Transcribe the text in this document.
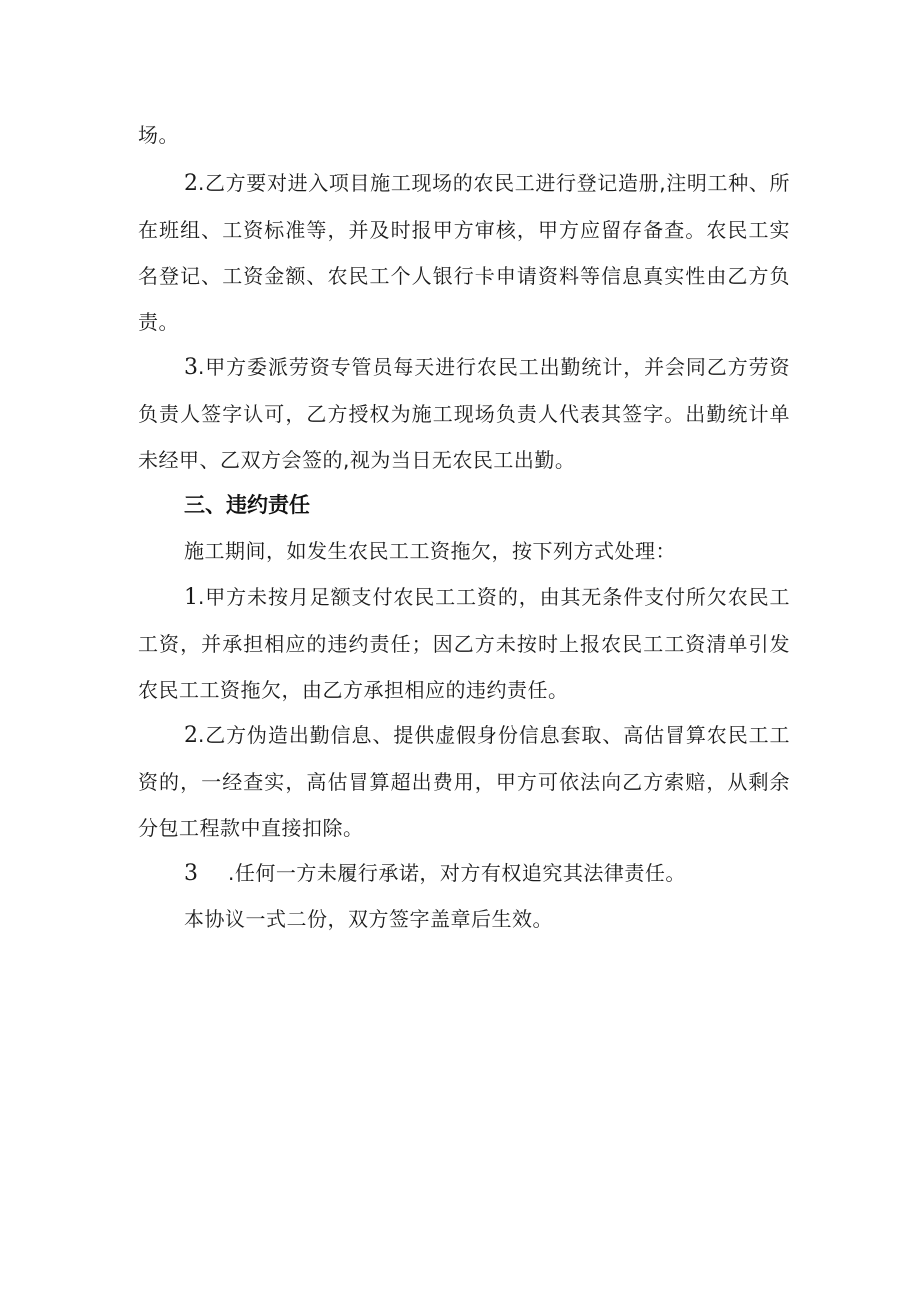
场。

2.乙方要对进入项目施工现场的农民工进行登记造册,注明工种、所在班组、工资标准等，并及时报甲方审核，甲方应留存备查。农民工实名登记、工资金额、农民工个人银行卡申请资料等信息真实性由乙方负责。

3.甲方委派劳资专管员每天进行农民工出勤统计，并会同乙方劳资负责人签字认可，乙方授权为施工现场负责人代表其签字。出勤统计单未经甲、乙双方会签的,视为当日无农民工出勤。

三、违约责任

施工期间，如发生农民工工资拖欠，按下列方式处理：

1.甲方未按月足额支付农民工工资的，由其无条件支付所欠农民工工资，并承担相应的违约责任；因乙方未按时上报农民工工资清单引发农民工工资拖欠，由乙方承担相应的违约责任。

2.乙方伪造出勤信息、提供虚假身份信息套取、高估冒算农民工工资的，一经查实，高估冒算超出费用，甲方可依法向乙方索赔，从剩余分包工程款中直接扣除。

3 .任何一方未履行承诺，对方有权追究其法律责任。

本协议一式二份，双方签字盖章后生效。
